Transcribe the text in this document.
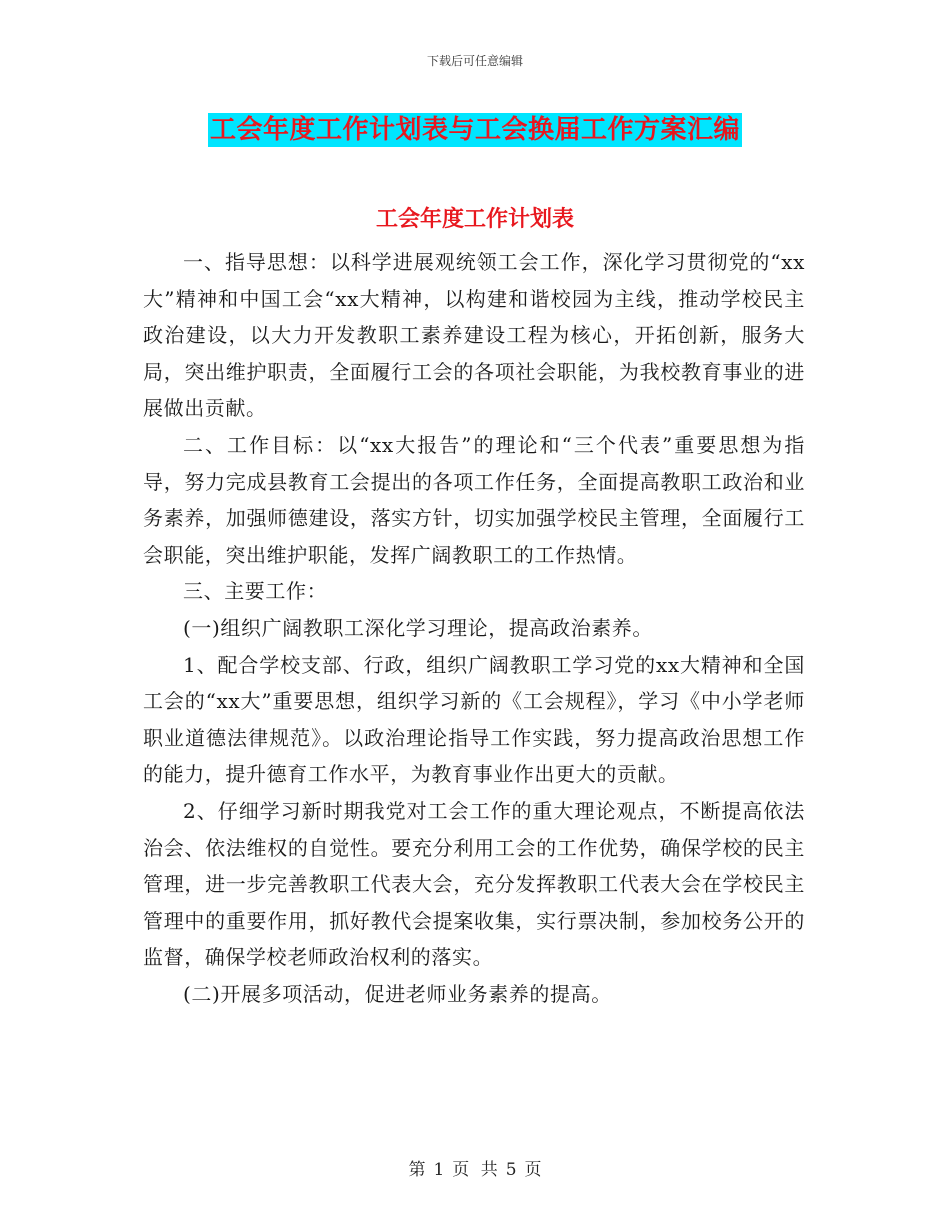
下载后可任意编辑
工会年度工作计划表与工会换届工作方案汇编
工会年度工作计划表

一、指导思想：以科学进展观统领工会工作，深化学习贯彻党的“xx大”精神和中国工会“xx大精神，以构建和谐校园为主线，推动学校民主政治建设，以大力开发教职工素养建设工程为核心，开拓创新，服务大局，突出维护职责，全面履行工会的各项社会职能，为我校教育事业的进展做出贡献。

二、工作目标：以“xx大报告”的理论和“三个代表”重要思想为指导，努力完成县教育工会提出的各项工作任务，全面提高教职工政治和业务素养，加强师德建设，落实方针，切实加强学校民主管理，全面履行工会职能，突出维护职能，发挥广阔教职工的工作热情。

三、主要工作：

(一)组织广阔教职工深化学习理论，提高政治素养。

1、配合学校支部、行政，组织广阔教职工学习党的xx大精神和全国工会的“xx大”重要思想，组织学习新的《工会规程》，学习《中小学老师职业道德法律规范》。以政治理论指导工作实践，努力提高政治思想工作的能力，提升德育工作水平，为教育事业作出更大的贡献。

2、仔细学习新时期我党对工会工作的重大理论观点，不断提高依法治会、依法维权的自觉性。要充分利用工会的工作优势，确保学校的民主管理，进一步完善教职工代表大会，充分发挥教职工代表大会在学校民主管理中的重要作用，抓好教代会提案收集，实行票决制，参加校务公开的监督，确保学校老师政治权利的落实。

(二)开展多项活动，促进老师业务素养的提高。

第 1 页 共 5 页
